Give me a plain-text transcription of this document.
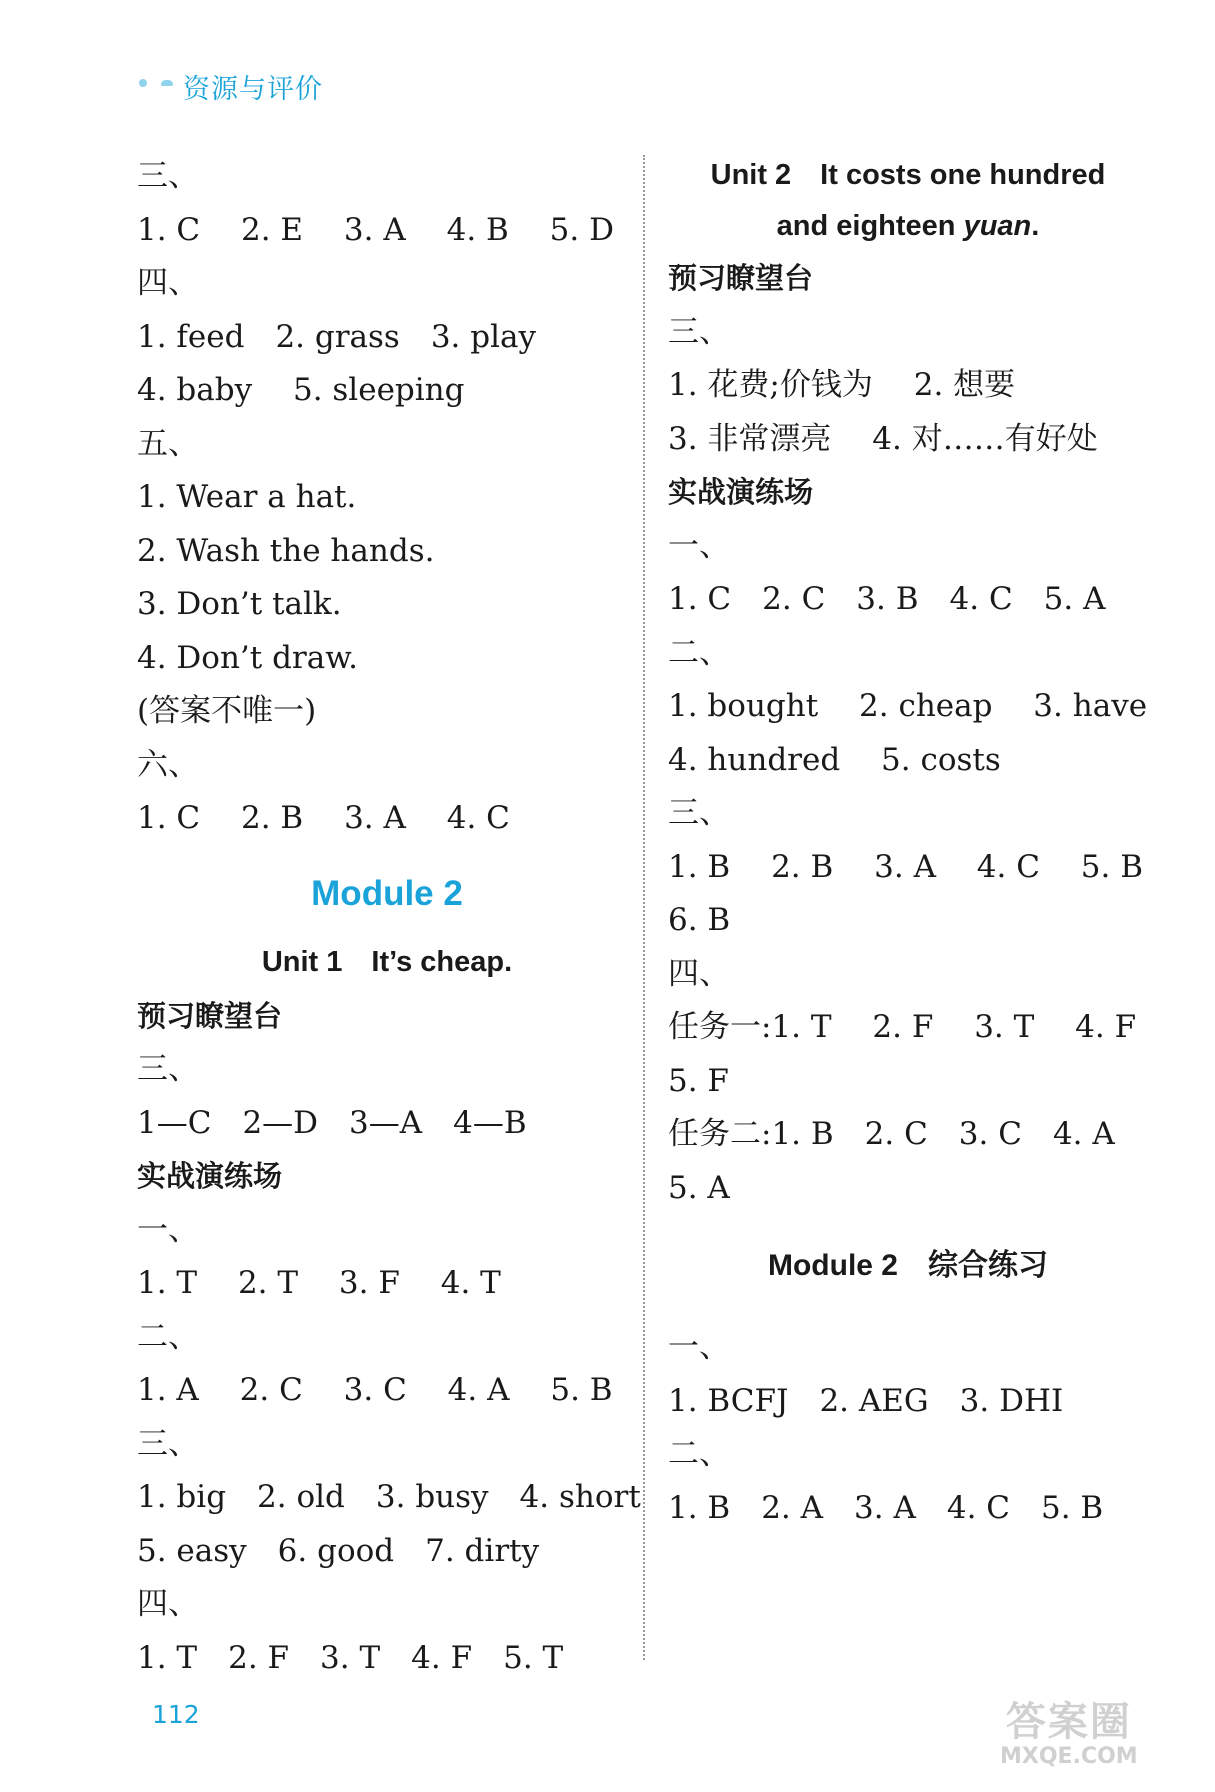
资源与评价
三、
1. C　 2. E　 3. A　 4. B　 5. D
四、
1. feed　2. grass　3. play
4. baby　 5. sleeping
五、
1. Wear a hat.
2. Wash the hands.
3. Don’t talk.
4. Don’t draw.
(答案不唯一)
六、
1. C　 2. B　 3. A　 4. C
Module 2
Unit 1　It’s cheap.
预习瞭望台
三、
1—C　2—D　3—A　4—B
实战演练场
一、
1. T　 2. T　 3. F　 4. T
二、
1. A　 2. C　 3. C　 4. A　 5. B
三、
1. big　2. old　3. busy　4. short
5. easy　6. good　7. dirty
四、
1. T　2. F　3. T　4. F　5. T
Unit 2　It costs one hundred
and eighteen yuan.
预习瞭望台
三、
1. 花费;价钱为　 2. 想要
3. 非常漂亮　 4. 对……有好处
实战演练场
一、
1. C　2. C　3. B　4. C　5. A
二、
1. bought　 2. cheap　 3. have
4. hundred　 5. costs
三、
1. B　 2. B　 3. A　 4. C　 5. B
6. B
四、
任务一:1. T　 2. F　 3. T　 4. F
5. F
任务二:1. B　2. C　3. C　4. A
5. A
Module 2　综合练习
一、
1. BCFJ　2. AEG　3. DHI
二、
1. B　2. A　3. A　4. C　5. B
112	答案圈
MXQE.COM
